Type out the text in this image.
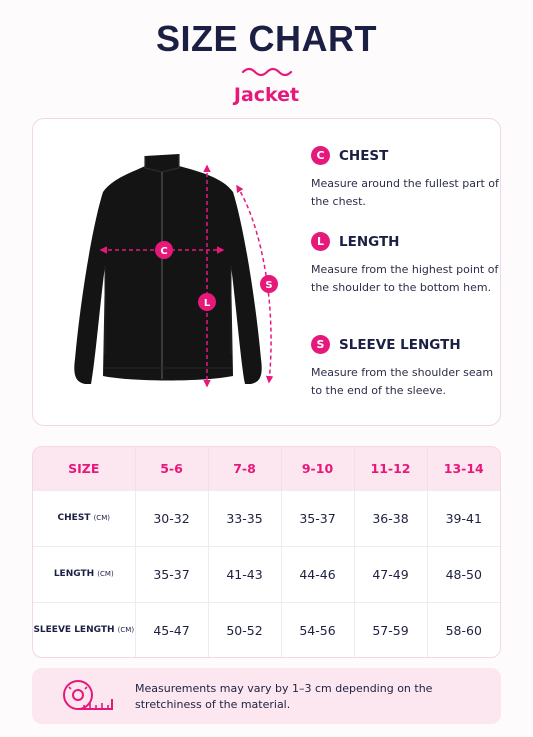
SIZE CHART
Jacket
C
L
S
C	CHEST
Measure around the fullest part of the chest.
L	LENGTH
Measure from the highest point of the shoulder to the bottom hem.
S	SLEEVE LENGTH
Measure from the shoulder seam to the end of the sleeve.
SIZE	5-6	7-8	9-10	11-12	13-14
CHEST (CM)	30-32	33-35	35-37	36-38	39-41
LENGTH (CM)	35-37	41-43	44-46	47-49	48-50
SLEEVE LENGTH (CM)	45-47	50-52	54-56	57-59	58-60
Measurements may vary by 1–3 cm depending on the stretchiness of the material.
